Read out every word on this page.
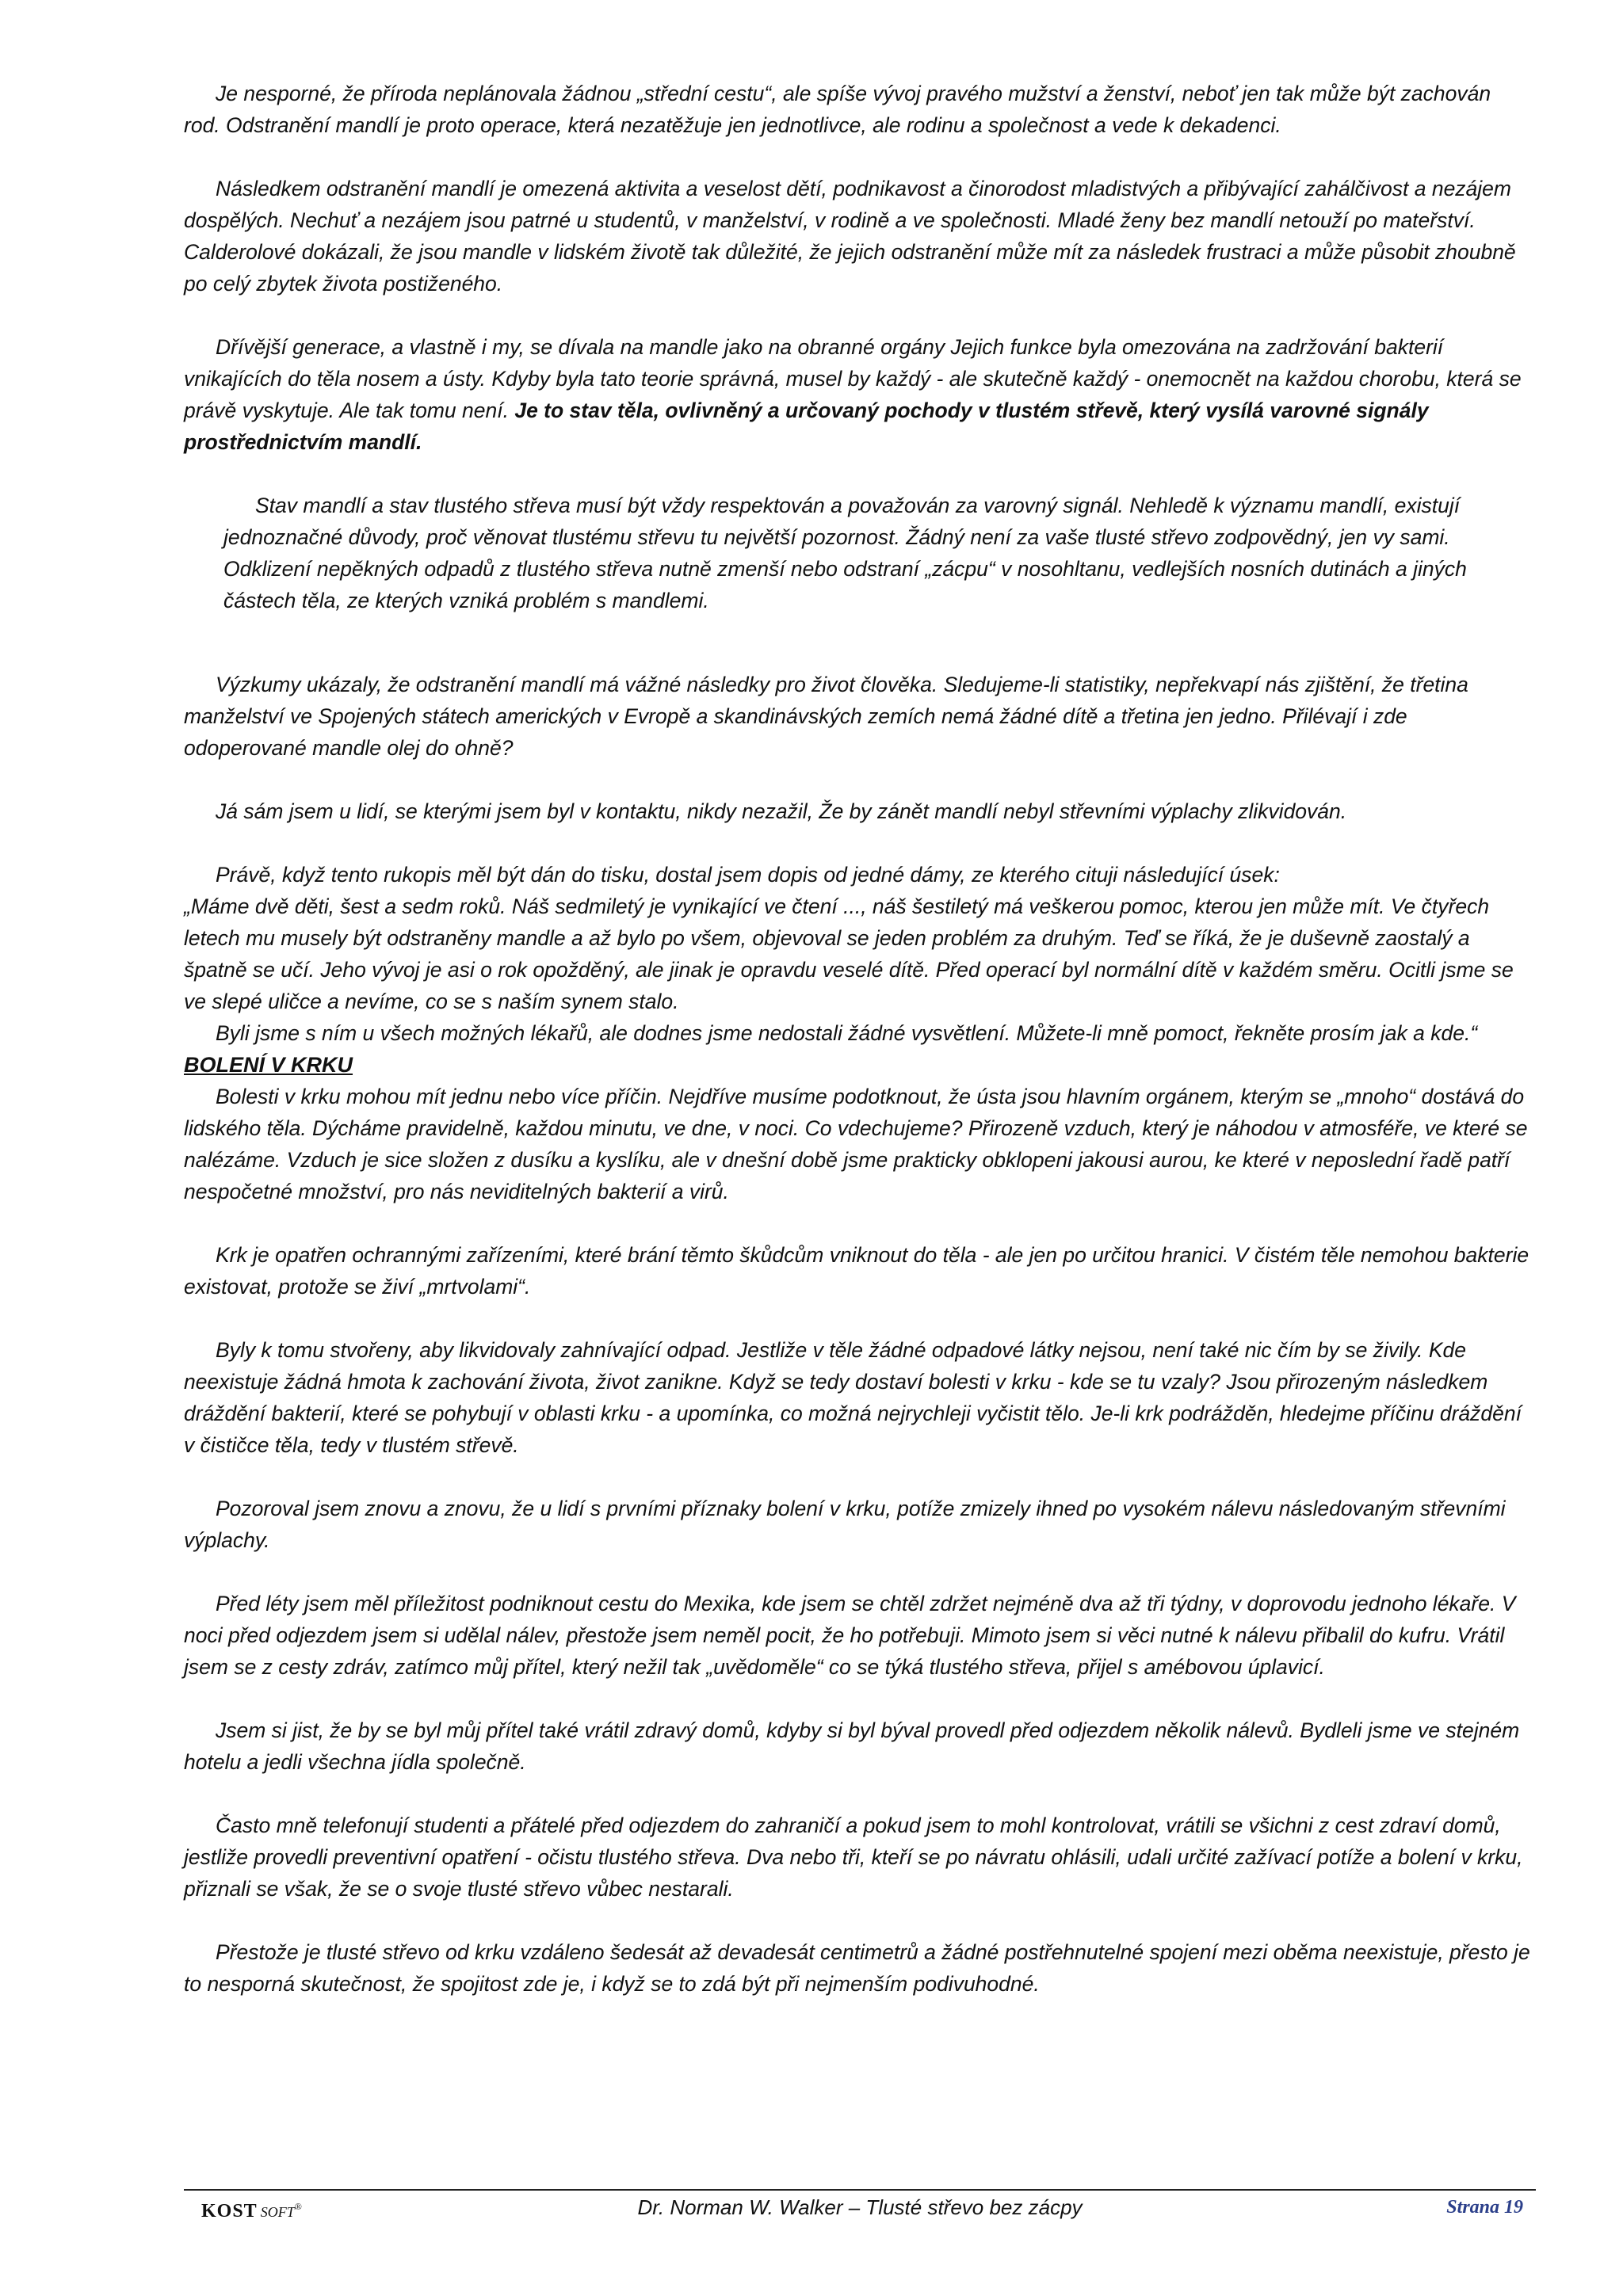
Je nesporné, že příroda neplánovala žádnou „střední cestu“, ale spíše vývoj pravého mužství a ženství, neboť jen tak může být zachován rod. Odstranění mandlí je proto operace, která nezatěžuje jen jednotlivce, ale rodinu a společnost a vede k dekadenci.

Následkem odstranění mandlí je omezená aktivita a veselost dětí, podnikavost a činorodost mladistvých a přibývající zahálčivost a nezájem dospělých. Nechuť a nezájem jsou patrné u studentů, v manželství, v rodině a ve společnosti. Mladé ženy bez mandlí netouží po mateřství. Calderolové dokázali, že jsou mandle v lidském životě tak důležité, že jejich odstranění může mít za následek frustraci a může působit zhoubně po celý zbytek života postiženého.

Dřívější generace, a vlastně i my, se dívala na mandle jako na obranné orgány Jejich funkce byla omezována na zadržování bakterií vnikajících do těla nosem a ústy. Kdyby byla tato teorie správná, musel by každý - ale skutečně každý - onemocnět na každou chorobu, která se právě vyskytuje. Ale tak tomu není. Je to stav těla, ovlivněný a určovaný pochody v tlustém střevě, který vysílá varovné signály prostřednictvím mandlí.

Stav mandlí a stav tlustého střeva musí být vždy respektován a považován za varovný signál. Nehledě k významu mandlí, existují jednoznačné důvody, proč věnovat tlustému střevu tu největší pozornost. Žádný není za vaše tlusté střevo zodpovědný, jen vy sami. Odklizení nepěkných odpadů z tlustého střeva nutně zmenší nebo odstraní „zácpu“ v nosohltanu, vedlejších nosních dutinách a jiných částech těla, ze kterých vzniká problém s mandlemi.

Výzkumy ukázaly, že odstranění mandlí má vážné následky pro život člověka. Sledujeme-li statistiky, nepřekvapí nás zjištění, že třetina manželství ve Spojených státech amerických v Evropě a skandinávských zemích nemá žádné dítě a třetina jen jedno. Přilévají i zde odoperované mandle olej do ohně?

Já sám jsem u lidí, se kterými jsem byl v kontaktu, nikdy nezažil, Že by zánět mandlí nebyl střevními výplachy zlikvidován.

Právě, když tento rukopis měl být dán do tisku, dostal jsem dopis od jedné dámy, ze kterého cituji následující úsek:

„Máme dvě děti, šest a sedm roků. Náš sedmiletý je vynikající ve čtení ..., náš šestiletý má veškerou pomoc, kterou jen může mít. Ve čtyřech letech mu musely být odstraněny mandle a až bylo po všem, objevoval se jeden problém za druhým. Teď se říká, že je duševně zaostalý a špatně se učí. Jeho vývoj je asi o rok opožděný, ale jinak je opravdu veselé dítě. Před operací byl normální dítě v každém směru. Ocitli jsme se ve slepé uličce a nevíme, co se s naším synem stalo.

Byli jsme s ním u všech možných lékařů, ale dodnes jsme nedostali žádné vysvětlení. Můžete-li mně pomoct, řekněte prosím jak a kde.“

BOLENÍ V KRKU

Bolesti v krku mohou mít jednu nebo více příčin. Nejdříve musíme podotknout, že ústa jsou hlavním orgánem, kterým se „mnoho“ dostává do lidského těla. Dýcháme pravidelně, každou minutu, ve dne, v noci. Co vdechujeme? Přirozeně vzduch, který je náhodou v atmosféře, ve které se nalézáme. Vzduch je sice složen z dusíku a kyslíku, ale v dnešní době jsme prakticky obklopeni jakousi aurou, ke které v neposlední řadě patří nespočetné množství, pro nás neviditelných bakterií a virů.

Krk je opatřen ochrannými zařízeními, které brání těmto škůdcům vniknout do těla - ale jen po určitou hranici. V čistém těle nemohou bakterie existovat, protože se živí „mrtvolami“.

Byly k tomu stvořeny, aby likvidovaly zahnívající odpad. Jestliže v těle žádné odpadové látky nejsou, není také nic čím by se živily. Kde neexistuje žádná hmota k zachování života, život zanikne. Když se tedy dostaví bolesti v krku - kde se tu vzaly? Jsou přirozeným následkem dráždění bakterií, které se pohybují v oblasti krku - a upomínka, co možná nejrychleji vyčistit tělo. Je-li krk podrážděn, hledejme příčinu dráždění v čističce těla, tedy v tlustém střevě.

Pozoroval jsem znovu a znovu, že u lidí s prvními příznaky bolení v krku, potíže zmizely ihned po vysokém nálevu následovaným střevními výplachy.

Před léty jsem měl příležitost podniknout cestu do Mexika, kde jsem se chtěl zdržet nejméně dva až tři týdny, v doprovodu jednoho lékaře. V noci před odjezdem jsem si udělal nálev, přestože jsem neměl pocit, že ho potřebuji. Mimoto jsem si věci nutné k nálevu přibalil do kufru. Vrátil jsem se z cesty zdráv, zatímco můj přítel, který nežil tak „uvědoměle“ co se týká tlustého střeva, přijel s amébovou úplavicí.

Jsem si jist, že by se byl můj přítel také vrátil zdravý domů, kdyby si byl býval provedl před odjezdem několik nálevů. Bydleli jsme ve stejném hotelu a jedli všechna jídla společně.

Často mně telefonují studenti a přátelé před odjezdem do zahraničí a pokud jsem to mohl kontrolovat, vrátili se všichni z cest zdraví domů, jestliže provedli preventivní opatření - očistu tlustého střeva. Dva nebo tři, kteří se po návratu ohlásili, udali určité zažívací potíže a bolení v krku, přiznali se však, že se o svoje tlusté střevo vůbec nestarali.

Přestože je tlusté střevo od krku vzdáleno šedesát až devadesát centimetrů a žádné postřehnutelné spojení mezi oběma neexistuje, přesto je to nesporná skutečnost, že spojitost zde je, i když se to zdá být při nejmenším podivuhodné.

KOST SOFT®	Dr. Norman W. Walker – Tlusté střevo bez zácpy	Strana 19
